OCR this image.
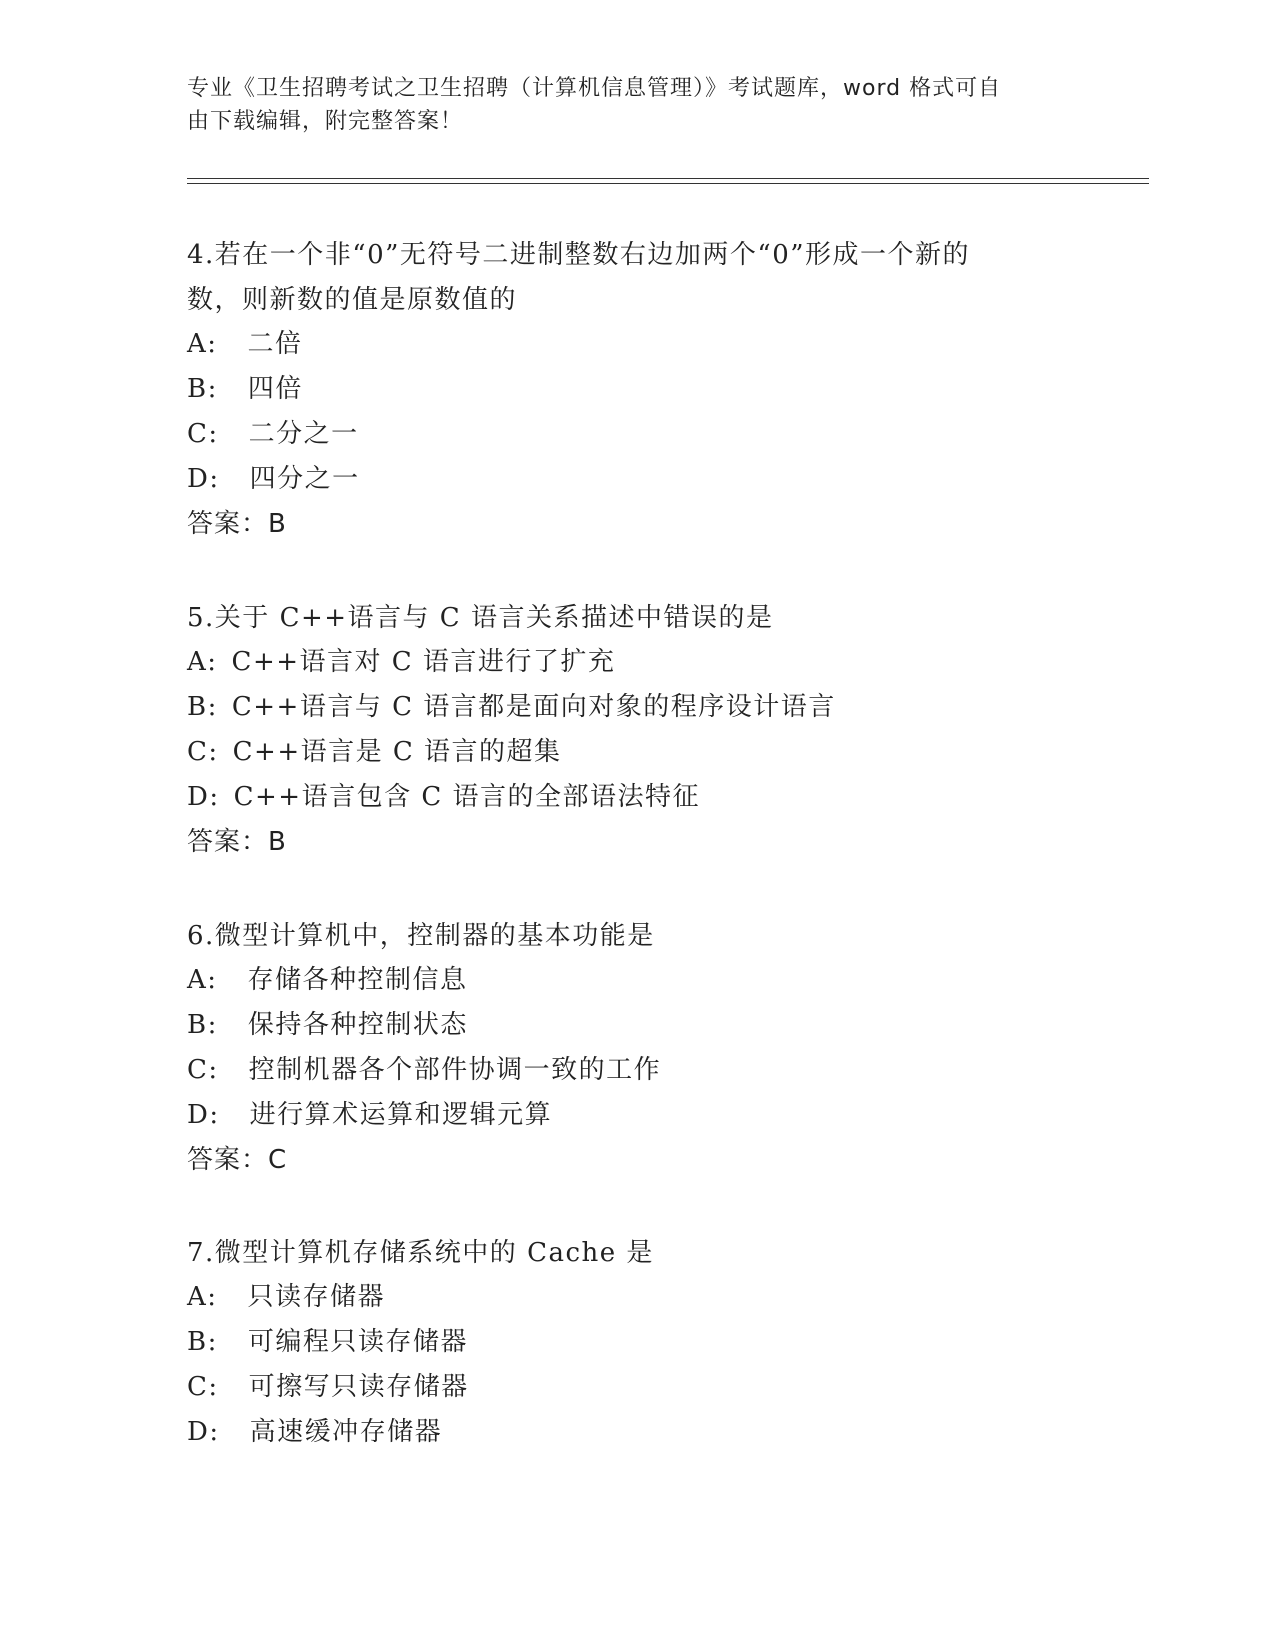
专业《卫生招聘考试之卫生招聘（计算机信息管理）》考试题库，word 格式可自
由下载编辑，附完整答案！
4.若在一个非“0”无符号二进制整数右边加两个“0”形成一个新的
数，则新数的值是原数值的
A: 二倍
B: 四倍
C: 二分之一
D: 四分之一
答案：B
5.关于 C++语言与 C 语言关系描述中错误的是
A: C++语言对 C 语言进行了扩充
B: C++语言与 C 语言都是面向对象的程序设计语言
C: C++语言是 C 语言的超集
D: C++语言包含 C 语言的全部语法特征
答案：B
6.微型计算机中，控制器的基本功能是
A: 存储各种控制信息
B: 保持各种控制状态
C: 控制机器各个部件协调一致的工作
D: 进行算术运算和逻辑元算
答案：C
7.微型计算机存储系统中的 Cache 是
A: 只读存储器
B: 可编程只读存储器
C: 可擦写只读存储器
D: 高速缓冲存储器
